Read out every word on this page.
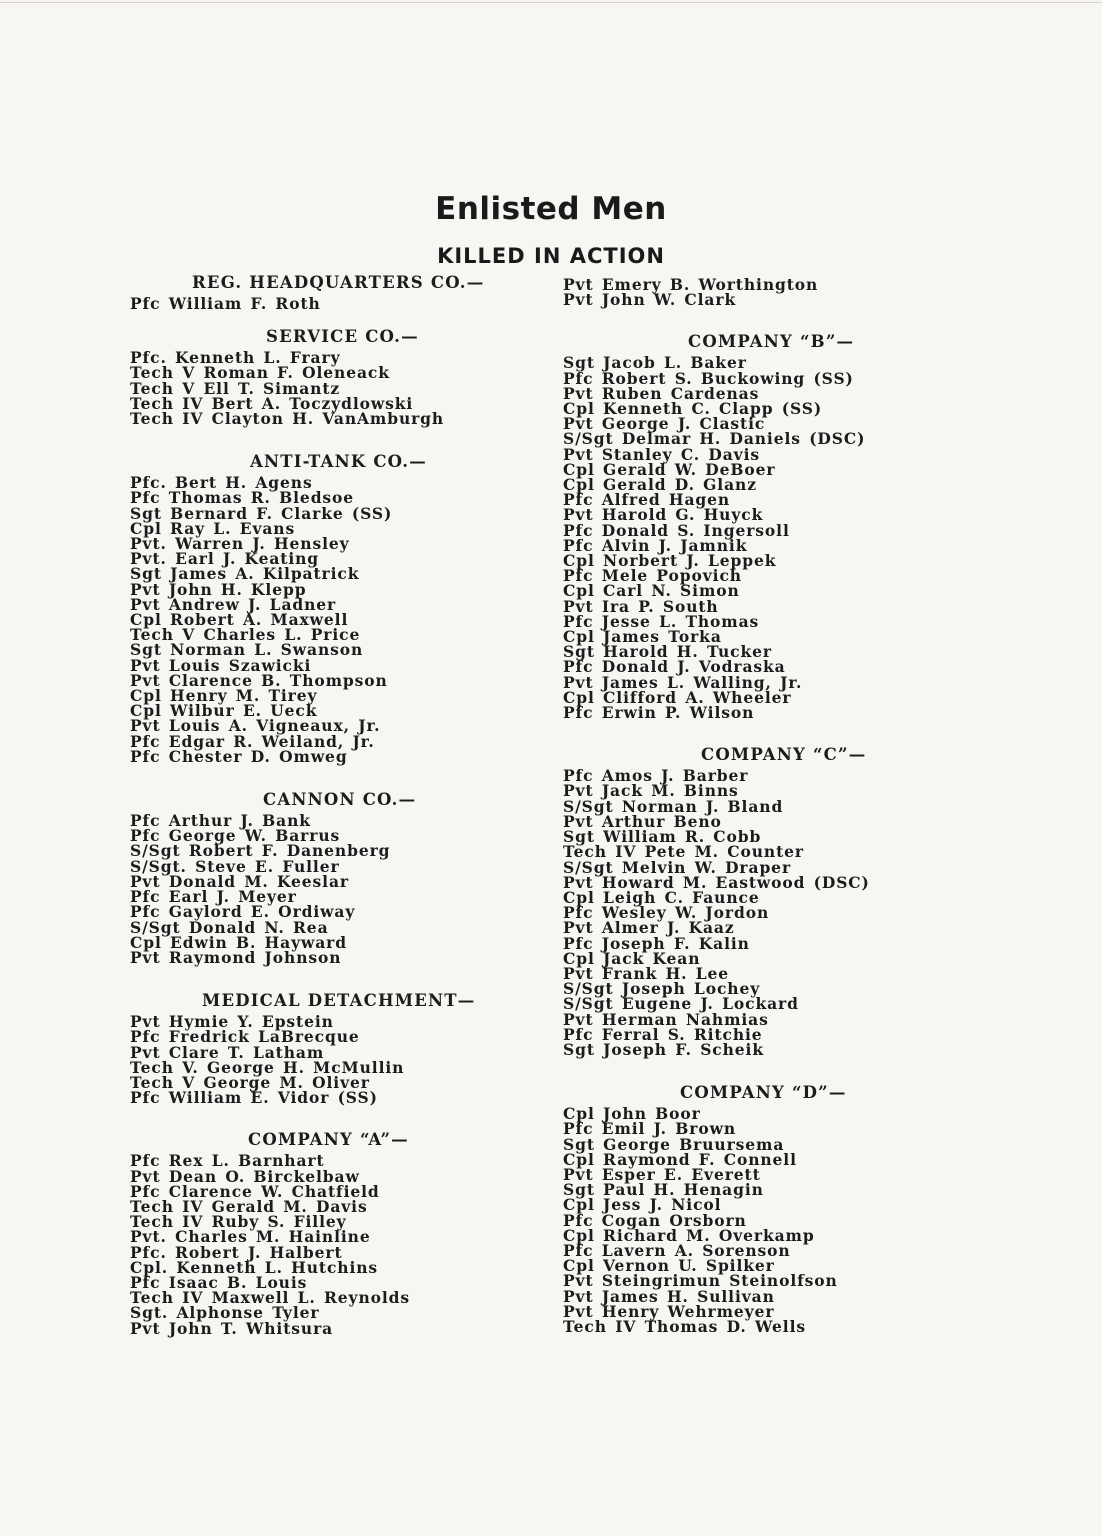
Enlisted Men
KILLED IN ACTION
REG. HEADQUARTERS CO.—
Pfc William F. Roth
SERVICE CO.—
Pfc. Kenneth L. Frary
Tech V Roman F. Oleneack
Tech V Ell T. Simantz
Tech IV Bert A. Toczydlowski
Tech IV Clayton H. VanAmburgh
ANTI-TANK CO.—
Pfc. Bert H. Agens
Pfc Thomas R. Bledsoe
Sgt Bernard F. Clarke (SS)
Cpl Ray L. Evans
Pvt. Warren J. Hensley
Pvt. Earl J. Keating
Sgt James A. Kilpatrick
Pvt John H. Klepp
Pvt Andrew J. Ladner
Cpl Robert A. Maxwell
Tech V Charles L. Price
Sgt Norman L. Swanson
Pvt Louis Szawicki
Pvt Clarence B. Thompson
Cpl Henry M. Tirey
Cpl Wilbur E. Ueck
Pvt Louis A. Vigneaux, Jr.
Pfc Edgar R. Weiland, Jr.
Pfc Chester D. Omweg
CANNON CO.—
Pfc Arthur J. Bank
Pfc George W. Barrus
S/Sgt Robert F. Danenberg
S/Sgt. Steve E. Fuller
Pvt Donald M. Keeslar
Pfc Earl J. Meyer
Pfc Gaylord E. Ordiway
S/Sgt Donald N. Rea
Cpl Edwin B. Hayward
Pvt Raymond Johnson
MEDICAL DETACHMENT—
Pvt Hymie Y. Epstein
Pfc Fredrick LaBrecque
Pvt Clare T. Latham
Tech V. George H. McMullin
Tech V George M. Oliver
Pfc William E. Vidor (SS)
COMPANY “A”—
Pfc Rex L. Barnhart
Pvt Dean O. Birckelbaw
Pfc Clarence W. Chatfield
Tech IV Gerald M. Davis
Tech IV Ruby S. Filley
Pvt. Charles M. Hainline
Pfc. Robert J. Halbert
Cpl. Kenneth L. Hutchins
Pfc Isaac B. Louis
Tech IV Maxwell L. Reynolds
Sgt. Alphonse Tyler
Pvt John T. Whitsura
Pvt Emery B. Worthington
Pvt John W. Clark
COMPANY “B”—
Sgt Jacob L. Baker
Pfc Robert S. Buckowing (SS)
Pvt Ruben Cardenas
Cpl Kenneth C. Clapp (SS)
Pvt George J. Clastic
S/Sgt Delmar H. Daniels (DSC)
Pvt Stanley C. Davis
Cpl Gerald W. DeBoer
Cpl Gerald D. Glanz
Pfc Alfred Hagen
Pvt Harold G. Huyck
Pfc Donald S. Ingersoll
Pfc Alvin J. Jamnik
Cpl Norbert J. Leppek
Pfc Mele Popovich
Cpl Carl N. Simon
Pvt Ira P. South
Pfc Jesse L. Thomas
Cpl James Torka
Sgt Harold H. Tucker
Pfc Donald J. Vodraska
Pvt James L. Walling, Jr.
Cpl Clifford A. Wheeler
Pfc Erwin P. Wilson
COMPANY “C”—
Pfc Amos J. Barber
Pvt Jack M. Binns
S/Sgt Norman J. Bland
Pvt Arthur Beno
Sgt William R. Cobb
Tech IV Pete M. Counter
S/Sgt Melvin W. Draper
Pvt Howard M. Eastwood (DSC)
Cpl Leigh C. Faunce
Pfc Wesley W. Jordon
Pvt Almer J. Kaaz
Pfc Joseph F. Kalin
Cpl Jack Kean
Pvt Frank H. Lee
S/Sgt Joseph Lochey
S/Sgt Eugene J. Lockard
Pvt Herman Nahmias
Pfc Ferral S. Ritchie
Sgt Joseph F. Scheik
COMPANY “D”—
Cpl John Boor
Pfc Emil J. Brown
Sgt George Bruursema
Cpl Raymond F. Connell
Pvt Esper E. Everett
Sgt Paul H. Henagin
Cpl Jess J. Nicol
Pfc Cogan Orsborn
Cpl Richard M. Overkamp
Pfc Lavern A. Sorenson
Cpl Vernon U. Spilker
Pvt Steingrimun Steinolfson
Pvt James H. Sullivan
Pvt Henry Wehrmeyer
Tech IV Thomas D. Wells
